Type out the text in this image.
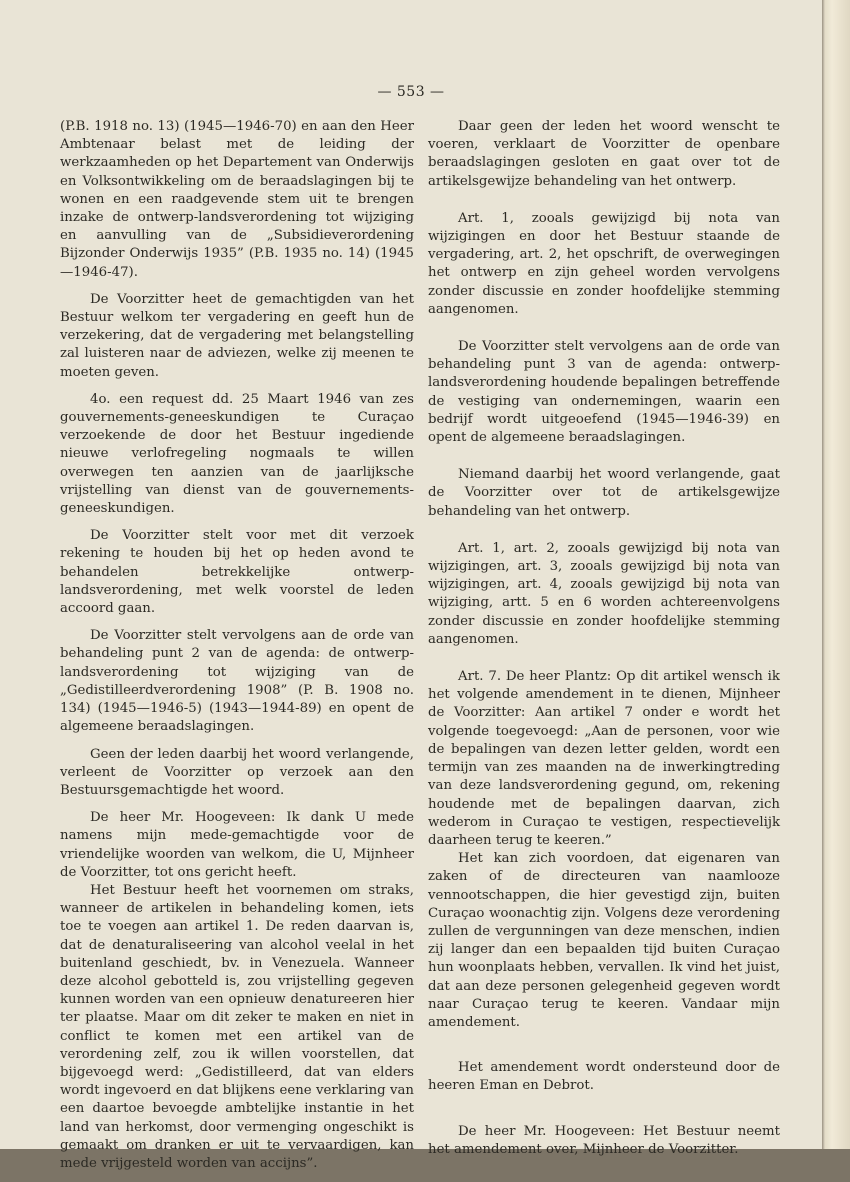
— 553 —

(P.B. 1918 no. 13) (1945—1946-70) en aan den Heer Ambtenaar belast met de leiding der werkzaamheden op het Departement van Onderwijs en Volksontwikkeling om de beraadslagingen bij te wonen en een raadgevende stem uit te brengen inzake de ontwerp-landsverordening tot wijziging en aanvulling van de „Subsidieverordening Bijzonder Onderwijs 1935” (P.B. 1935 no. 14) (1945—1946-47).

De Voorzitter heet de gemachtigden van het Bestuur welkom ter vergadering en geeft hun de verzekering, dat de vergadering met belangstelling zal luisteren naar de adviezen, welke zij meenen te moeten geven.

4o. een request dd. 25 Maart 1946 van zes gouvernements-geneeskundigen te Curaçao verzoekende de door het Bestuur ingediende nieuwe verlofregeling nogmaals te willen overwegen ten aanzien van de jaarlijksche vrijstelling van dienst van de gouvernements-geneeskundigen.

De Voorzitter stelt voor met dit verzoek rekening te houden bij het op heden avond te behandelen betrekkelijke ontwerp-landsverordening, met welk voorstel de leden accoord gaan.

De Voorzitter stelt vervolgens aan de orde van behandeling punt 2 van de agenda: de ontwerp-landsverordening tot wijziging van de „Gedistilleerdverordening 1908” (P. B. 1908 no. 134) (1945—1946-5) (1943—1944-89) en opent de algemeene beraadslagingen.

Geen der leden daarbij het woord verlangende, verleent de Voorzitter op verzoek aan den Bestuursgemachtigde het woord.

De heer Mr. Hoogeveen: Ik dank U mede namens mijn mede-gemachtigde voor de vriendelijke woorden van welkom, die U, Mijnheer de Voorzitter, tot ons gericht heeft.

Het Bestuur heeft het voornemen om straks, wanneer de artikelen in behandeling komen, iets toe te voegen aan artikel 1. De reden daarvan is, dat de denaturaliseering van alcohol veelal in het buitenland geschiedt, bv. in Venezuela. Wanneer deze alcohol gebotteld is, zou vrijstelling gegeven kunnen worden van een opnieuw denatureeren hier ter plaatse. Maar om dit zeker te maken en niet in conflict te komen met een artikel van de verordening zelf, zou ik willen voorstellen, dat bijgevoegd werd: „Gedistilleerd, dat van elders wordt ingevoerd en dat blijkens eene verklaring van een daartoe bevoegde ambtelijke instantie in het land van herkomst, door vermenging ongeschikt is gemaakt om dranken er uit te vervaardigen, kan mede vrijgesteld worden van accijns”.

Daar geen der leden het woord wenscht te voeren, verklaart de Voorzitter de openbare beraadslagingen gesloten en gaat over tot de artikelsgewijze behandeling van het ontwerp.

Art. 1, zooals gewijzigd bij nota van wijzigingen en door het Bestuur staande de vergadering, art. 2, het opschrift, de overwegingen het ontwerp en zijn geheel worden vervolgens zonder discussie en zonder hoofdelijke stemming aangenomen.

De Voorzitter stelt vervolgens aan de orde van behandeling punt 3 van de agenda: ontwerp-landsverordening houdende bepalingen betreffende de vestiging van ondernemingen, waarin een bedrijf wordt uitgeoefend (1945—1946-39) en opent de algemeene beraadslagingen.

Niemand daarbij het woord verlangende, gaat de Voorzitter over tot de artikelsgewijze behandeling van het ontwerp.

Art. 1, art. 2, zooals gewijzigd bij nota van wijzigingen, art. 3, zooals gewijzigd bij nota van wijzigingen, art. 4, zooals gewijzigd bij nota van wijziging, artt. 5 en 6 worden achtereenvolgens zonder discussie en zonder hoofdelijke stemming aangenomen.

Art. 7. De heer Plantz: Op dit artikel wensch ik het volgende amendement in te dienen, Mijnheer de Voorzitter: Aan artikel 7 onder e wordt het volgende toegevoegd: „Aan de personen, voor wie de bepalingen van dezen letter gelden, wordt een termijn van zes maanden na de inwerkingtreding van deze landsverordening gegund, om, rekening houdende met de bepalingen daarvan, zich wederom in Curaçao te vestigen, respectievelijk daarheen terug te keeren.”

Het kan zich voordoen, dat eigenaren van zaken of de directeuren van naamlooze vennootschappen, die hier gevestigd zijn, buiten Curaçao woonachtig zijn. Volgens deze verordening zullen de vergunningen van deze menschen, indien zij langer dan een bepaalden tijd buiten Curaçao hun woonplaats hebben, vervallen. Ik vind het juist, dat aan deze personen gelegenheid gegeven wordt naar Curaçao terug te keeren. Vandaar mijn amendement.

Het amendement wordt ondersteund door de heeren Eman en Debrot.

De heer Mr. Hoogeveen: Het Bestuur neemt het amendement over, Mijnheer de Voorzitter.
